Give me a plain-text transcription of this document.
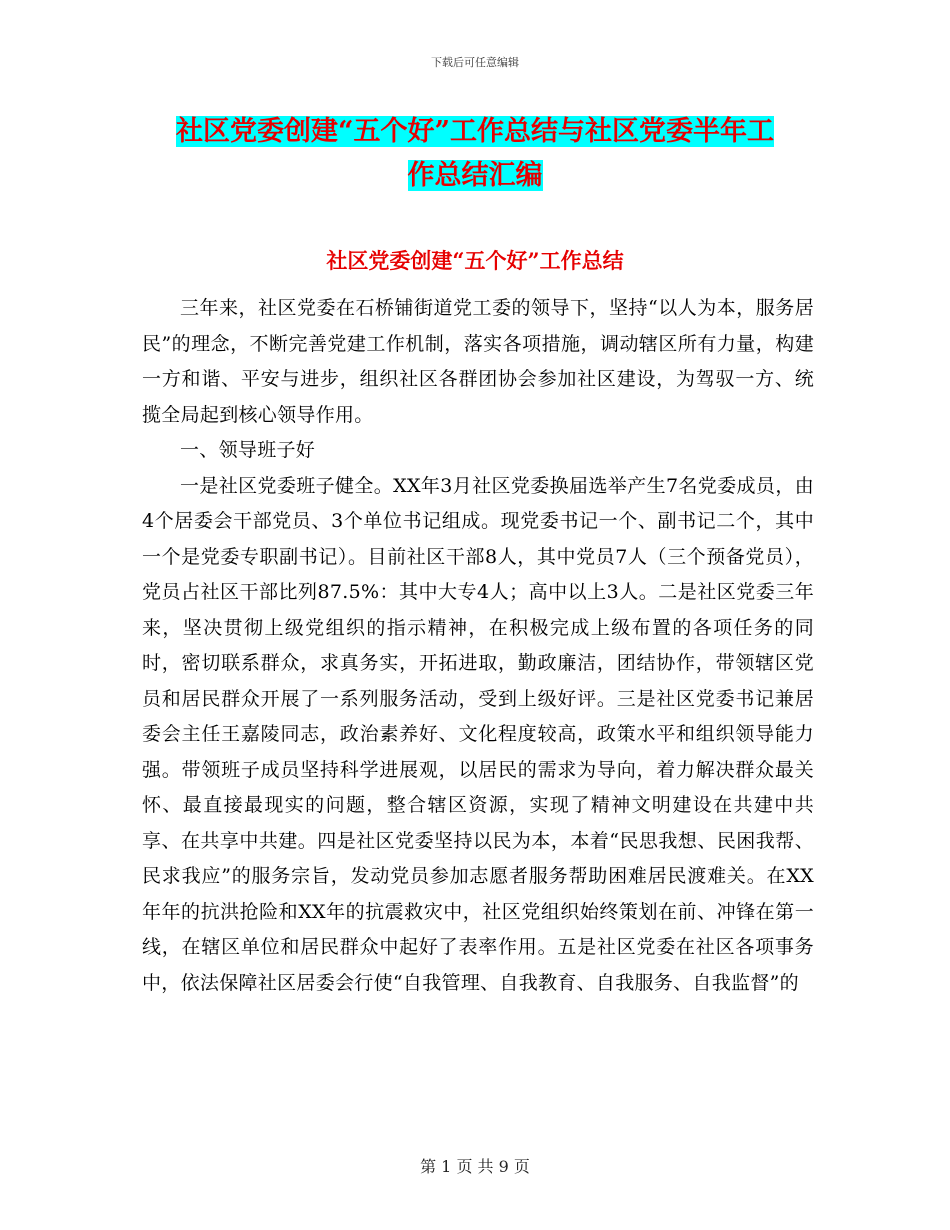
下载后可任意编辑
社区党委创建“五个好”工作总结与社区党委半年工
作总结汇编
社区党委创建“五个好”工作总结

三年来，社区党委在石桥铺街道党工委的领导下，坚持“以人为本，服务居民”的理念，不断完善党建工作机制，落实各项措施，调动辖区所有力量，构建一方和谐、平安与进步，组织社区各群团协会参加社区建设，为驾驭一方、统揽全局起到核心领导作用。

一、领导班子好

一是社区党委班子健全。XX年3月社区党委换届选举产生7名党委成员，由4个居委会干部党员、3个单位书记组成。现党委书记一个、副书记二个，其中一个是党委专职副书记）。目前社区干部8人，其中党员7人（三个预备党员），党员占社区干部比列87.5%：其中大专4人；高中以上3人。二是社区党委三年来，坚决贯彻上级党组织的指示精神，在积极完成上级布置的各项任务的同时，密切联系群众，求真务实，开拓进取，勤政廉洁，团结协作，带领辖区党员和居民群众开展了一系列服务活动，受到上级好评。三是社区党委书记兼居委会主任王嘉陵同志，政治素养好、文化程度较高，政策水平和组织领导能力强。带领班子成员坚持科学进展观，以居民的需求为导向，着力解决群众最关怀、最直接最现实的问题，整合辖区资源，实现了精神文明建设在共建中共享、在共享中共建。四是社区党委坚持以民为本，本着“民思我想、民困我帮、民求我应”的服务宗旨，发动党员参加志愿者服务帮助困难居民渡难关。在XX年年的抗洪抢险和XX年的抗震救灾中，社区党组织始终策划在前、冲锋在第一线，在辖区单位和居民群众中起好了表率作用。五是社区党委在社区各项事务中，依法保障社区居委会行使“自我管理、自我教育、自我服务、自我监督”的

第 1 页 共 9 页
